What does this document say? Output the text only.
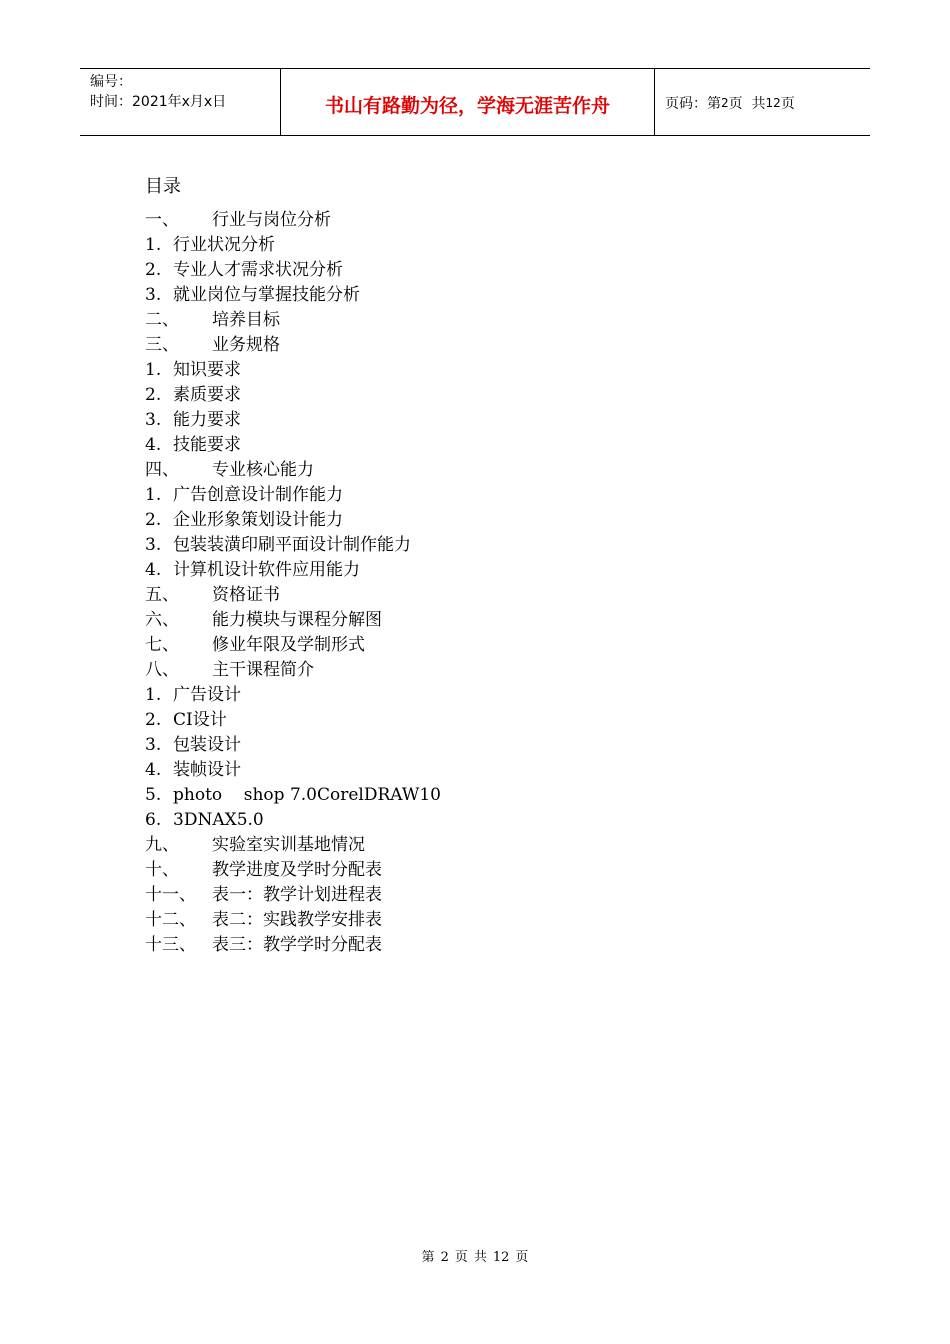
编号：
时间：2021年x月x日	书山有路勤为径，学海无涯苦作舟	页码：第 2 页  共 12 页
目录
一、	行业与岗位分析
1. 行业状况分析
2. 专业人才需求状况分析
3. 就业岗位与掌握技能分析
二、	培养目标
三、	业务规格
1. 知识要求
2. 素质要求
3. 能力要求
4. 技能要求
四、	专业核心能力
1. 广告创意设计制作能力
2. 企业形象策划设计能力
3. 包装装潢印刷平面设计制作能力
4. 计算机设计软件应用能力
五、	资格证书
六、	能力模块与课程分解图
七、	修业年限及学制形式
八、	主干课程简介
1. 广告设计
2. CI设计
3. 包装设计
4. 装帧设计
5. photo    shop 7.0CorelDRAW10
6. 3DNAX5.0
九、	实验室实训基地情况
十、	教学进度及学时分配表
十一、 表一：教学计划进程表
十二、 表二：实践教学安排表
十三、 表三：教学学时分配表
第 2 页 共 12 页
